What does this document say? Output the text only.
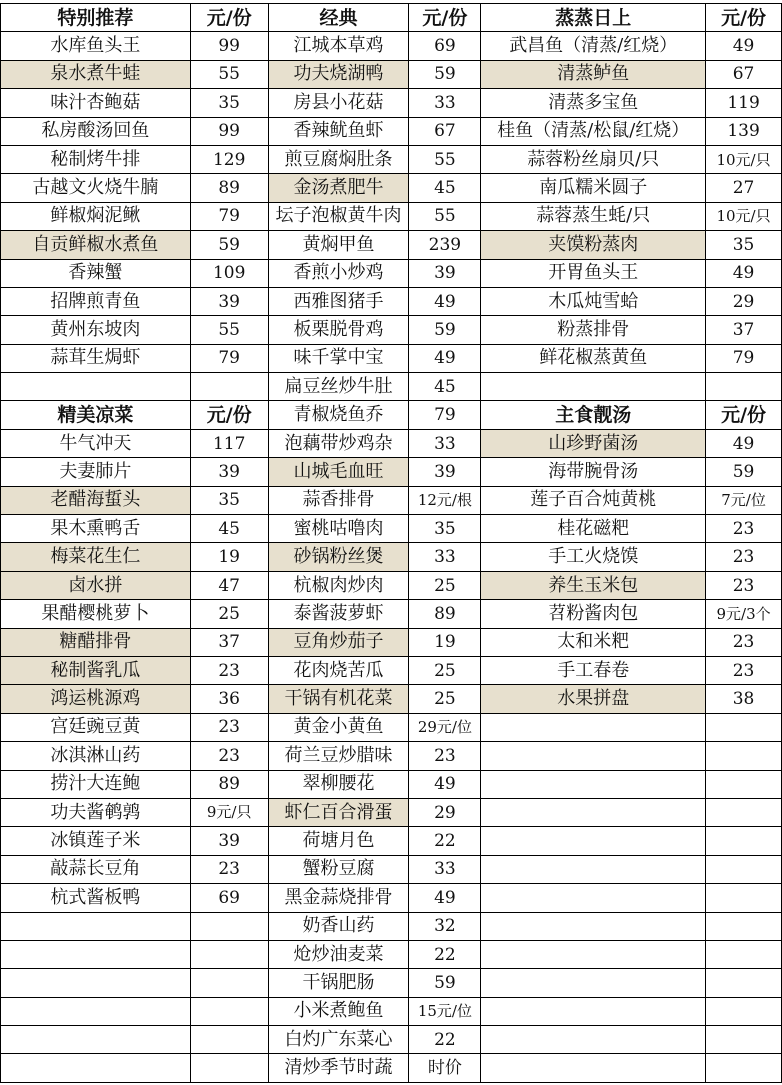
特别推荐	元/份	经典	元/份	蒸蒸日上	元/份
水库鱼头王	99	江城本草鸡	69	武昌鱼（清蒸/红烧）	49
泉水煮牛蛙	55	功夫烧湖鸭	59	清蒸鲈鱼	67
味汁杏鲍菇	35	房县小花菇	33	清蒸多宝鱼	119
私房酸汤回鱼	99	香辣鱿鱼虾	67	桂鱼（清蒸/松鼠/红烧）	139
秘制烤牛排	129	煎豆腐焖肚条	55	蒜蓉粉丝扇贝/只	10元/只

古越文火烧牛腩	89	金汤煮肥牛	45	南瓜糯米圆子	27
鲜椒焖泥鳅	79	坛子泡椒黄牛肉	55	蒜蓉蒸生蚝/只	10元/只

自贡鲜椒水煮鱼	59	黄焖甲鱼	239	夹馍粉蒸肉	35
香辣蟹	109	香煎小炒鸡	39	开胃鱼头王	49
招牌煎青鱼	39	西雅图猪手	49	木瓜炖雪蛤	29
黄州东坡肉	55	板栗脱骨鸡	59	粉蒸排骨	37
蒜茸生焗虾	79	味千掌中宝	49	鲜花椒蒸黄鱼	79
		扁豆丝炒牛肚	45		
精美凉菜	元/份	青椒烧鱼乔	79	主食靓汤	元/份
牛气冲天	117	泡藕带炒鸡杂	33	山珍野菌汤	49
夫妻肺片	39	山城毛血旺	39	海带腕骨汤	59
老醋海蜇头	35	蒜香排骨	12元/根	莲子百合炖黄桃	7元/位
果木熏鸭舌	45	蜜桃咕噜肉	35	桂花磁粑	23
梅菜花生仁	19	砂锅粉丝煲	33	手工火烧馍	23
卤水拼	47	杭椒肉炒肉	25	养生玉米包	23
果醋樱桃萝卜	25	泰酱菠萝虾	89	苕粉酱肉包	9元/3个

糖醋排骨	37	豆角炒茄子	19	太和米粑	23
秘制酱乳瓜	23	花肉烧苦瓜	25	手工春卷	23
鸿运桃源鸡	36	干锅有机花菜	25	水果拼盘	38
宫廷豌豆黄	23	黄金小黄鱼	29元/位		

冰淇淋山药	23	荷兰豆炒腊味	23		
捞汁大连鲍	89	翠柳腰花	49		
功夫酱鹌鹑	9元/只	虾仁百合滑蛋	29		
冰镇莲子米	39	荷塘月色	22		
敲蒜长豆角	23	蟹粉豆腐	33		
杭式酱板鸭	69	黑金蒜烧排骨	49		
		奶香山药	32		
		炝炒油麦菜	22		
		干锅肥肠	59		
		小米煮鲍鱼	15元/位		

		白灼广东菜心	22		
		清炒季节时蔬	时价		
